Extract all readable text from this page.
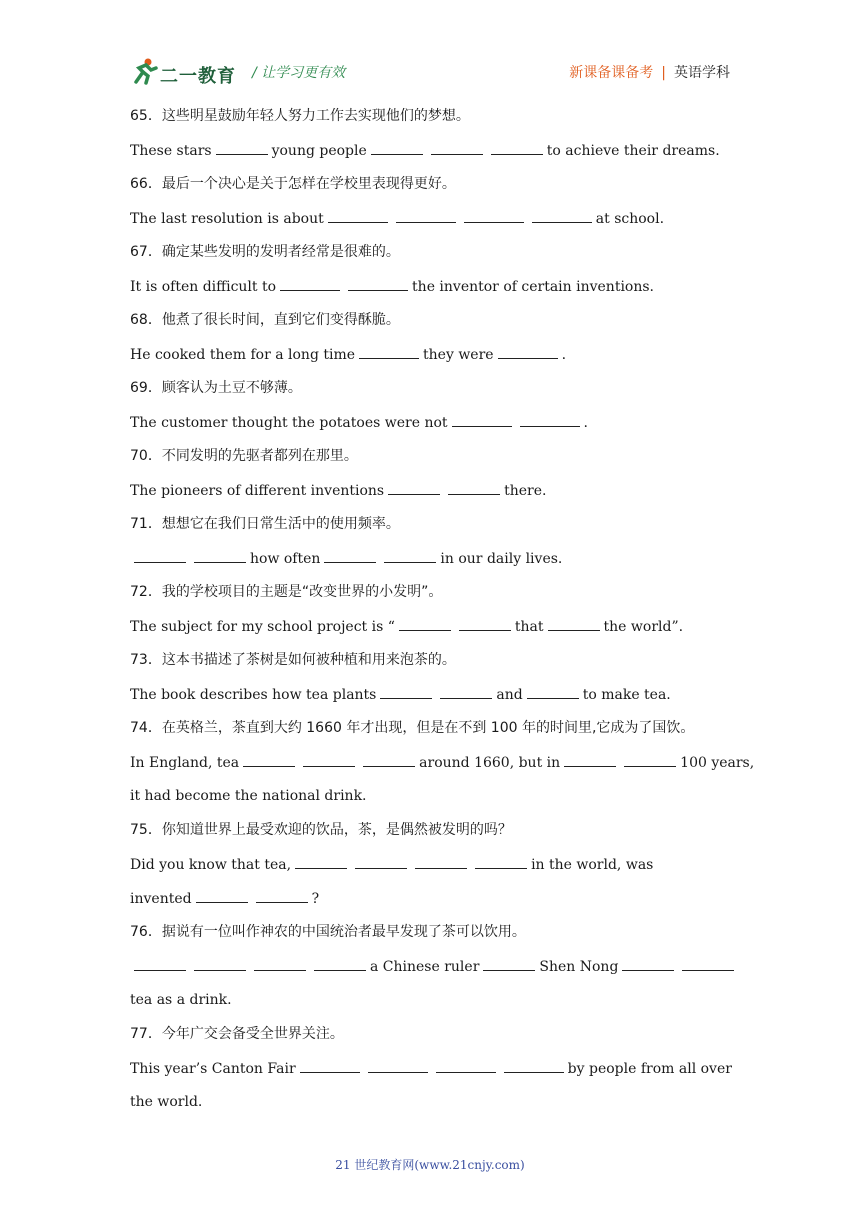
二一教育 / 让学习更有效	新课备课备考 | 英语学科
65．这些明星鼓励年轻人努力工作去实现他们的梦想。
These stars	young people	to achieve their dreams.
66．最后一个决心是关于怎样在学校里表现得更好。
The last resolution is about	at school.
67．确定某些发明的发明者经常是很难的。
It is often difficult to	the inventor of certain inventions.
68．他煮了很长时间，直到它们变得酥脆。
He cooked them for a long time	they were	.
69．顾客认为土豆不够薄。
The customer thought the potatoes were not	.
70．不同发明的先驱者都列在那里。
The pioneers of different inventions	there.
71．想想它在我们日常生活中的使用频率。
how often	in our daily lives.
72．我的学校项目的主题是“改变世界的小发明”。
The subject for my school project is “	that	the world”.
73．这本书描述了茶树是如何被种植和用来泡茶的。
The book describes how tea plants	and	to make tea.
74．在英格兰，茶直到大约 1660 年才出现，但是在不到 100 年的时间里,它成为了国饮。
In England, tea	around 1660, but in	100 years,
it had become the national drink.
75．你知道世界上最受欢迎的饮品，茶，是偶然被发明的吗？
Did you know that tea,	in the world, was
invented	?
76．据说有一位叫作神农的中国统治者最早发现了茶可以饮用。
a Chinese ruler	Shen Nong
tea as a drink.
77．今年广交会备受全世界关注。
This year’s Canton Fair	by people from all over
the world.
21 世纪教育网(www.21cnjy.com)
